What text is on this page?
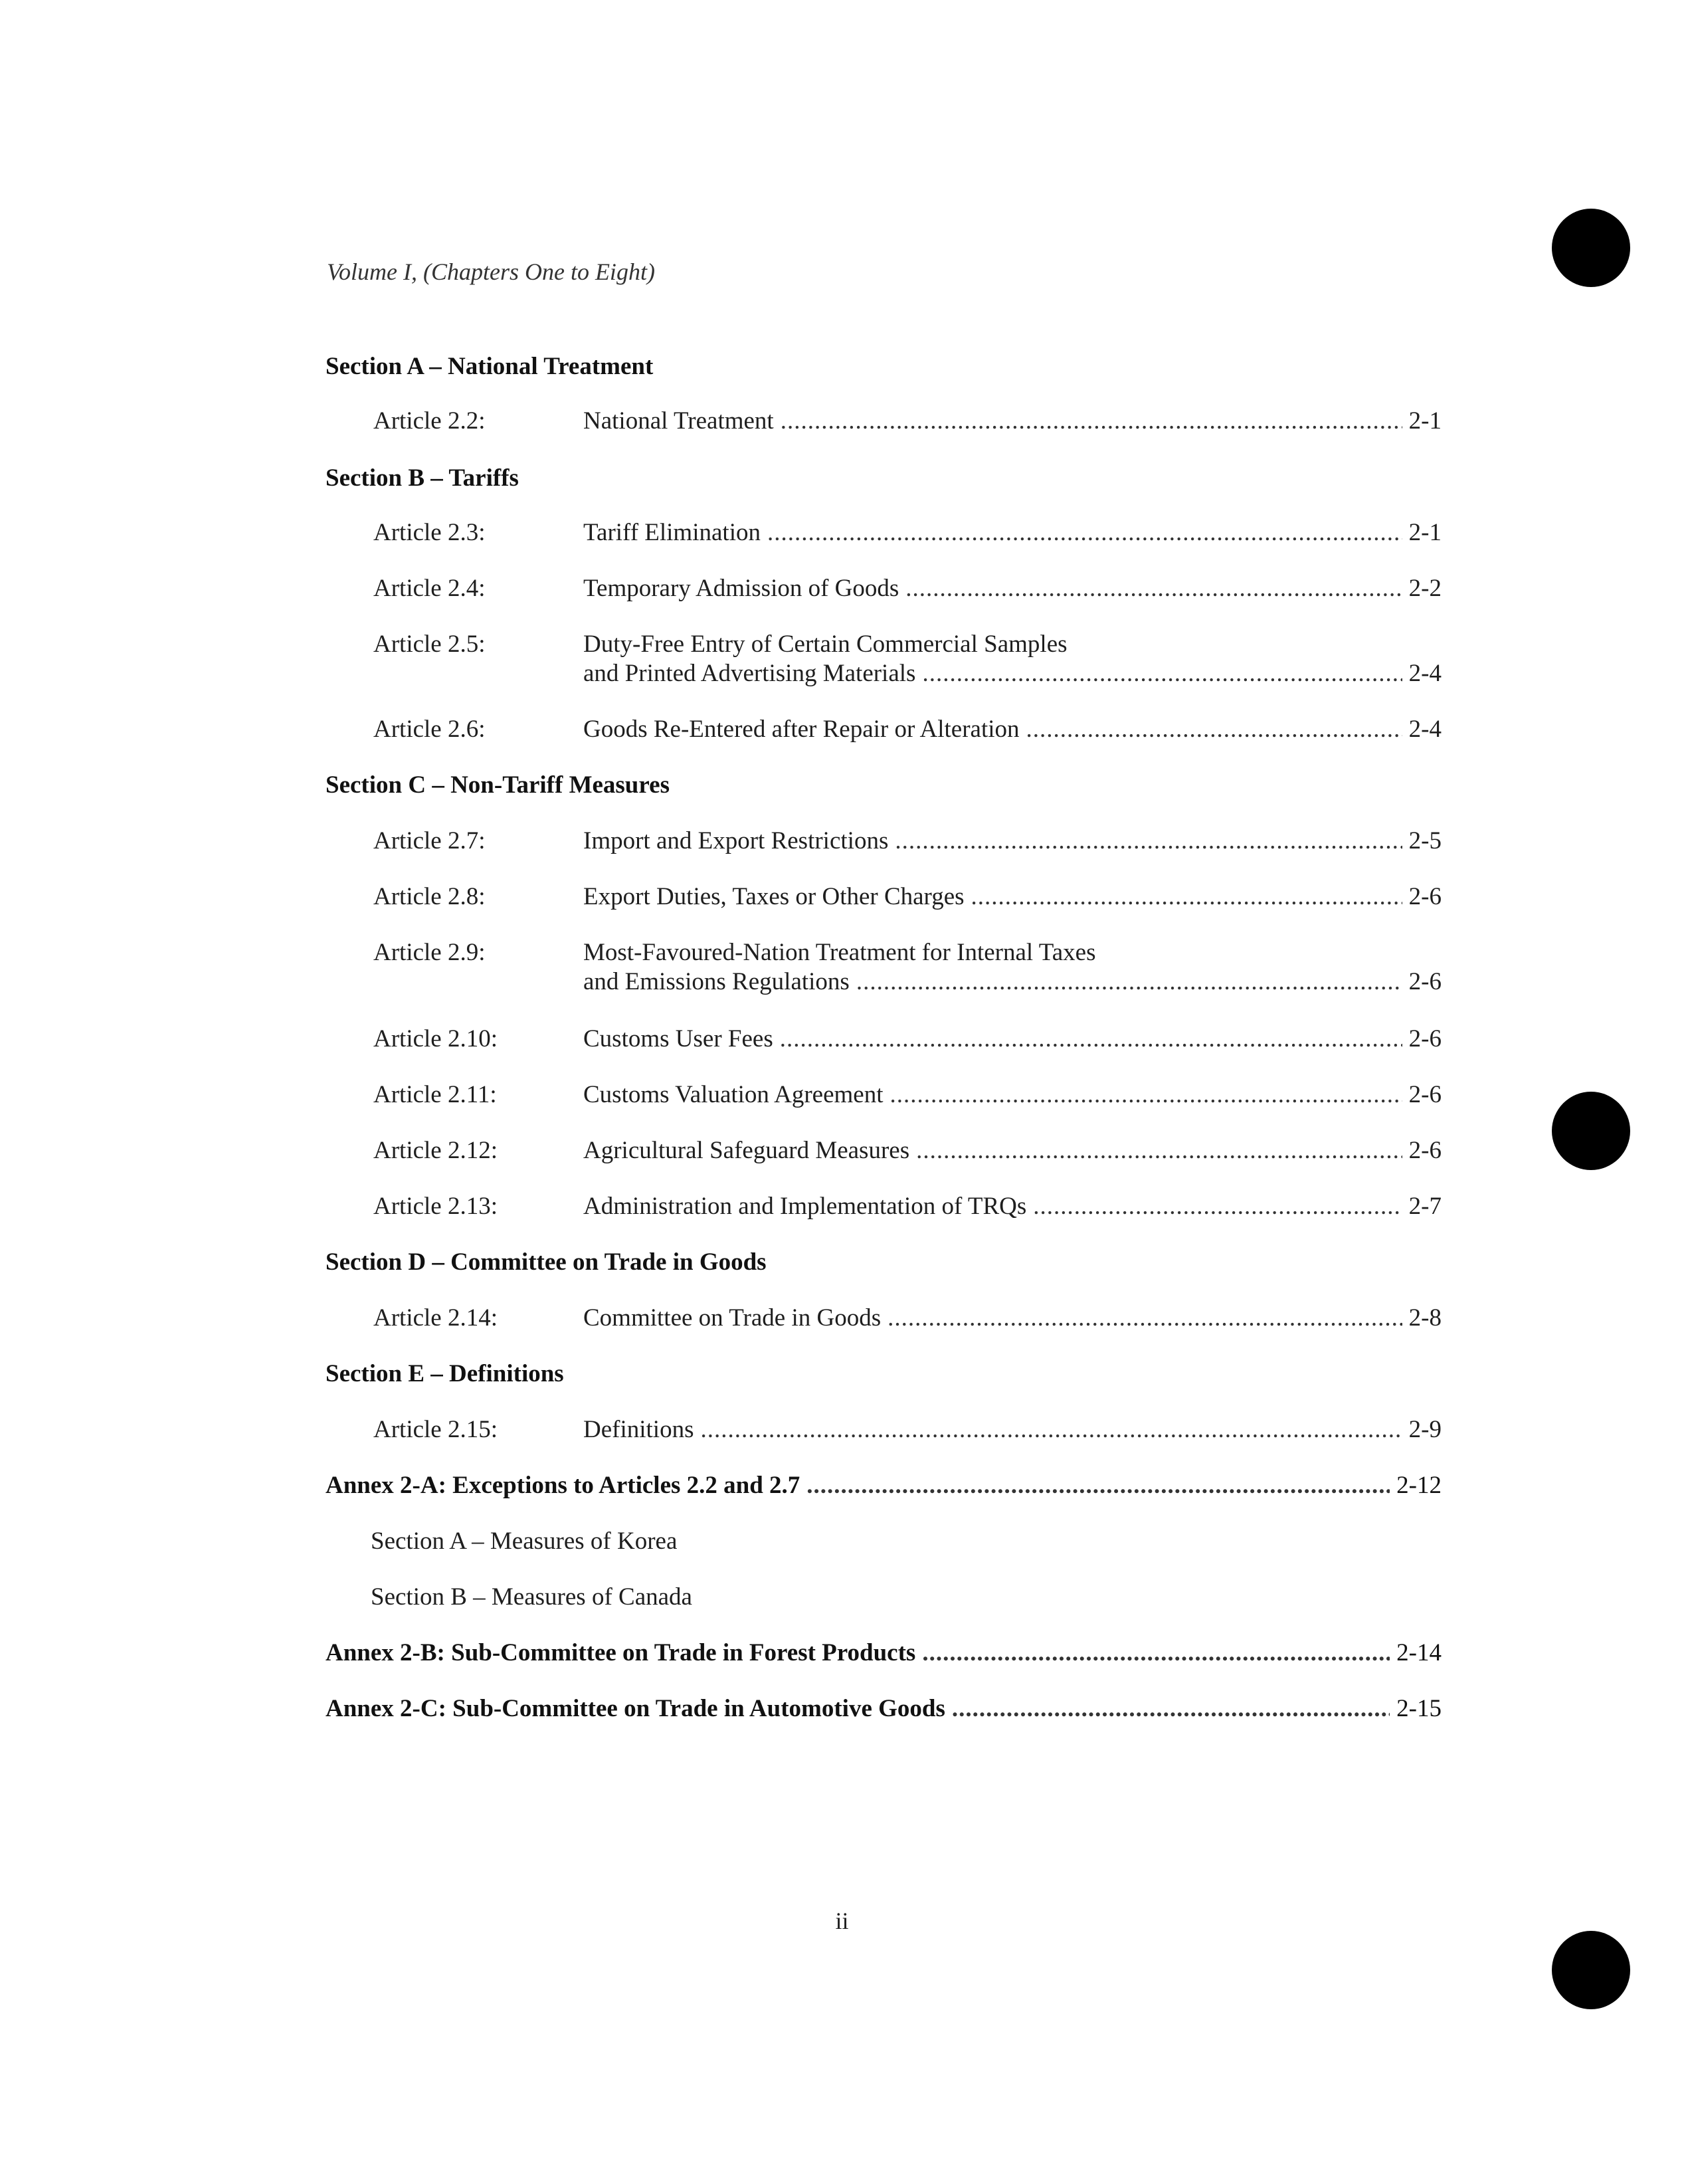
Volume I, (Chapters One to Eight)
Section A – National Treatment
Article 2.2:	National Treatment .....	2-1
Section B – Tariffs
Article 2.3:	Tariff Elimination .....	2-1
Article 2.4:	Temporary Admission of Goods .....	2-2
Article 2.5:	Duty-Free Entry of Certain Commercial Samples
and Printed Advertising Materials .....	2-4
Article 2.6:	Goods Re-Entered after Repair or Alteration .....	2-4
Section C – Non-Tariff Measures
Article 2.7:	Import and Export Restrictions .....	2-5
Article 2.8:	Export Duties, Taxes or Other Charges .....	2-6
Article 2.9:	Most-Favoured-Nation Treatment for Internal Taxes
and Emissions Regulations .....	2-6
Article 2.10:	Customs User Fees .....	2-6
Article 2.11:	Customs Valuation Agreement .....	2-6
Article 2.12:	Agricultural Safeguard Measures .....	2-6
Article 2.13:	Administration and Implementation of TRQs .....	2-7
Section D – Committee on Trade in Goods
Article 2.14:	Committee on Trade in Goods .....	2-8
Section E – Definitions
Article 2.15:	Definitions .....	2-9
Annex 2-A: Exceptions to Articles 2.2 and 2.7 .....	2-12
Section A – Measures of Korea
Section B – Measures of Canada
Annex 2-B: Sub-Committee on Trade in Forest Products .....	2-14
Annex 2-C: Sub-Committee on Trade in Automotive Goods .....	2-15
ii
